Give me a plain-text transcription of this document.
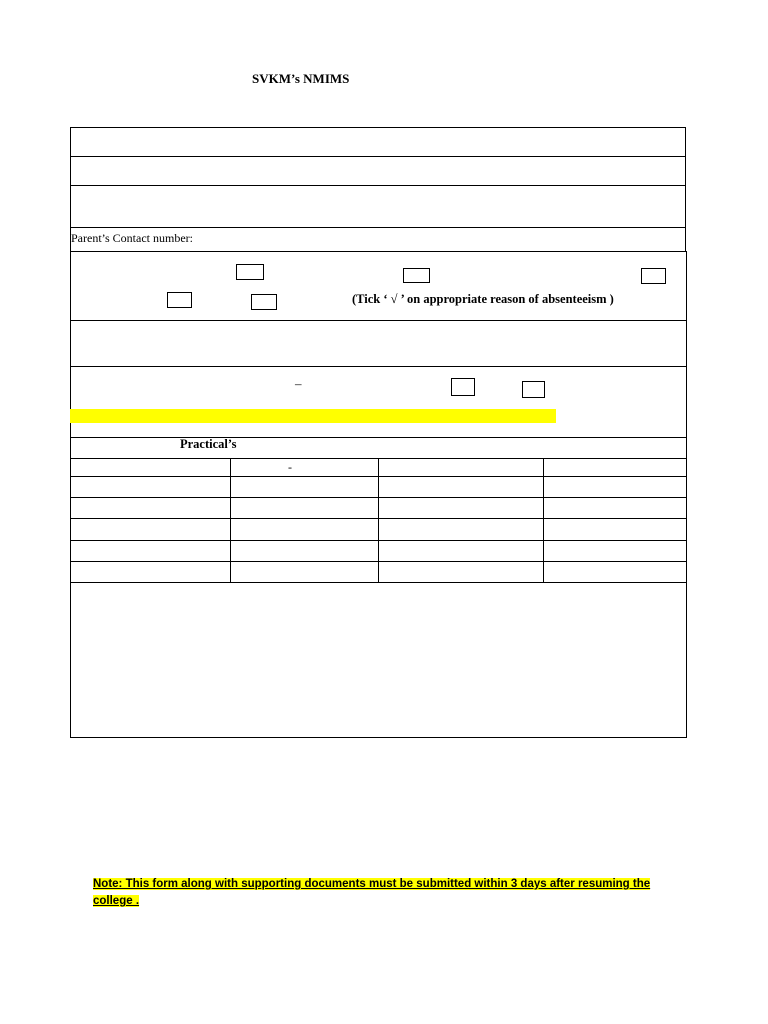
SVKM’s NMIMS
Parent’s Contact number:
(Tick ‘ √ ’ on appropriate reason of absenteeism )
–
Practical’s
-
Note: This form along with supporting documents must be submitted within 3 days after resuming the college .
